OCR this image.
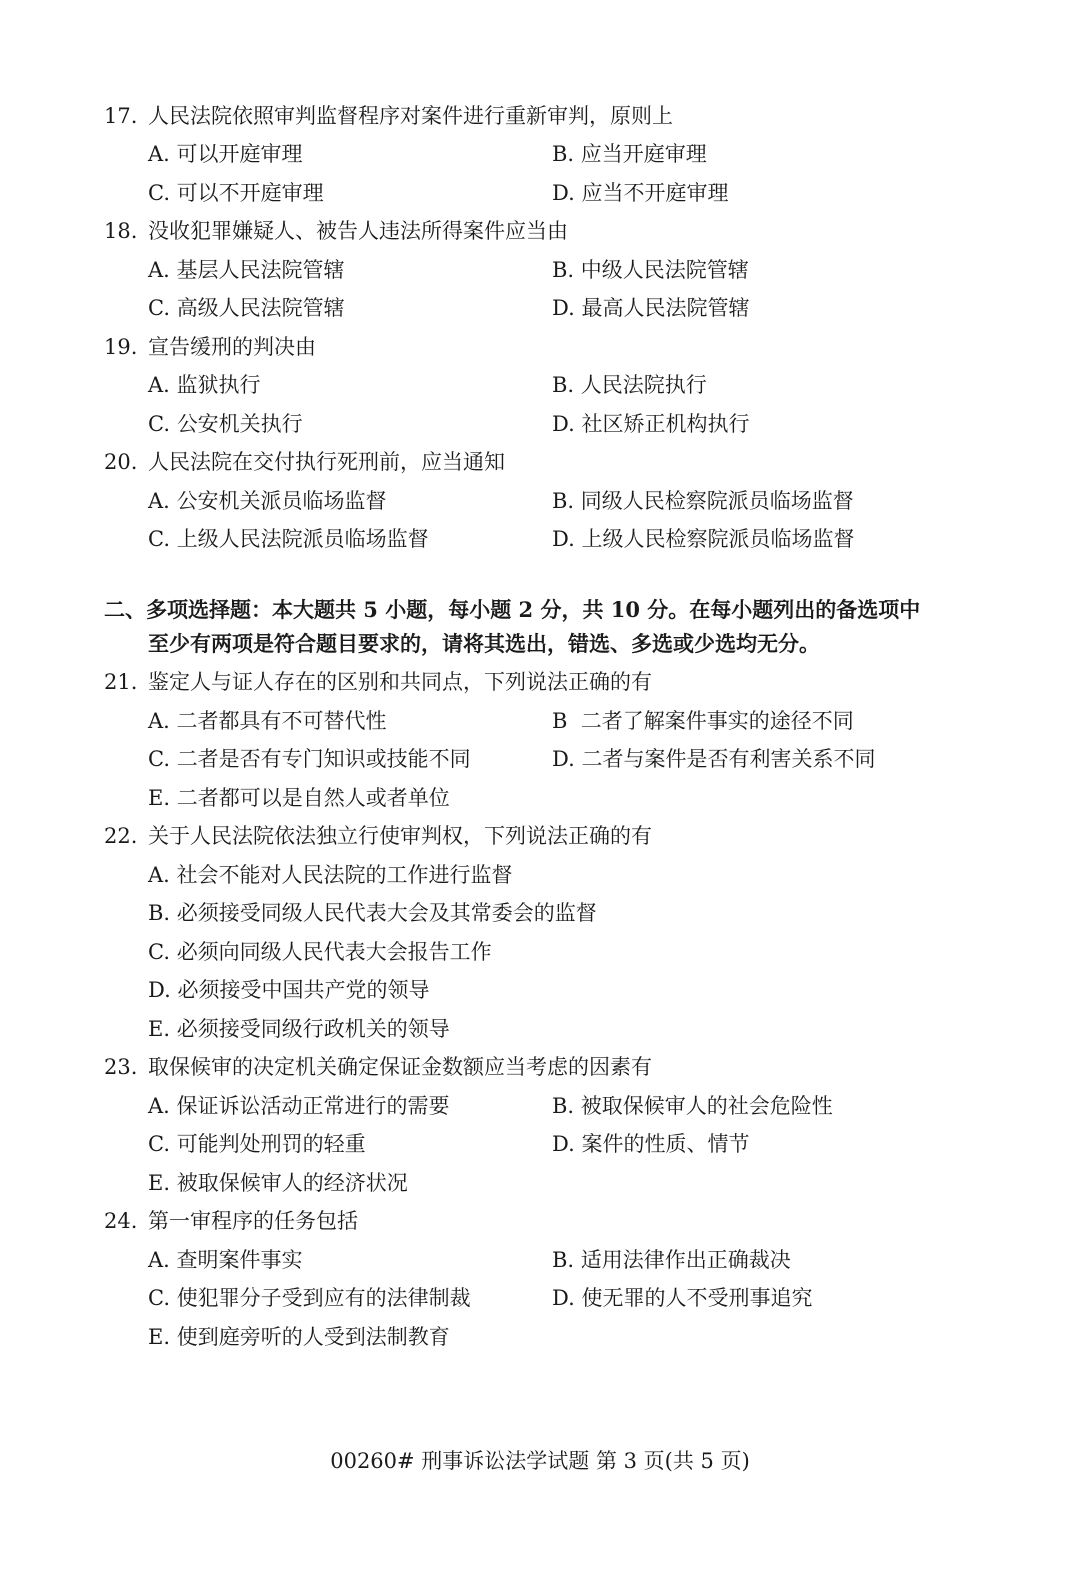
17. 人民法院依照审判监督程序对案件进行重新审判，原则上
A. 可以开庭审理	B. 应当开庭审理
C. 可以不开庭审理	D. 应当不开庭审理
18. 没收犯罪嫌疑人、被告人违法所得案件应当由
A. 基层人民法院管辖	B. 中级人民法院管辖
C. 高级人民法院管辖	D. 最高人民法院管辖
19. 宣告缓刑的判决由
A. 监狱执行	B. 人民法院执行
C. 公安机关执行	D. 社区矫正机构执行
20. 人民法院在交付执行死刑前，应当通知
A. 公安机关派员临场监督	B. 同级人民检察院派员临场监督
C. 上级人民法院派员临场监督	D. 上级人民检察院派员临场监督
二、多项选择题：本大题共 5 小题，每小题 2 分，共 10 分。在每小题列出的备选项中
至少有两项是符合题目要求的，请将其选出，错选、多选或少选均无分。
21. 鉴定人与证人存在的区别和共同点，下列说法正确的有
A. 二者都具有不可替代性	B 二者了解案件事实的途径不同
C. 二者是否有专门知识或技能不同	D. 二者与案件是否有利害关系不同
E. 二者都可以是自然人或者单位
22. 关于人民法院依法独立行使审判权，下列说法正确的有
A. 社会不能对人民法院的工作进行监督
B. 必须接受同级人民代表大会及其常委会的监督
C. 必须向同级人民代表大会报告工作
D. 必须接受中国共产党的领导
E. 必须接受同级行政机关的领导
23. 取保候审的决定机关确定保证金数额应当考虑的因素有
A. 保证诉讼活动正常进行的需要	B. 被取保候审人的社会危险性
C. 可能判处刑罚的轻重	D. 案件的性质、情节
E. 被取保候审人的经济状况
24. 第一审程序的任务包括
A. 查明案件事实	B. 适用法律作出正确裁决
C. 使犯罪分子受到应有的法律制裁	D. 使无罪的人不受刑事追究
E. 使到庭旁听的人受到法制教育
00260# 刑事诉讼法学试题 第 3 页(共 5 页)
